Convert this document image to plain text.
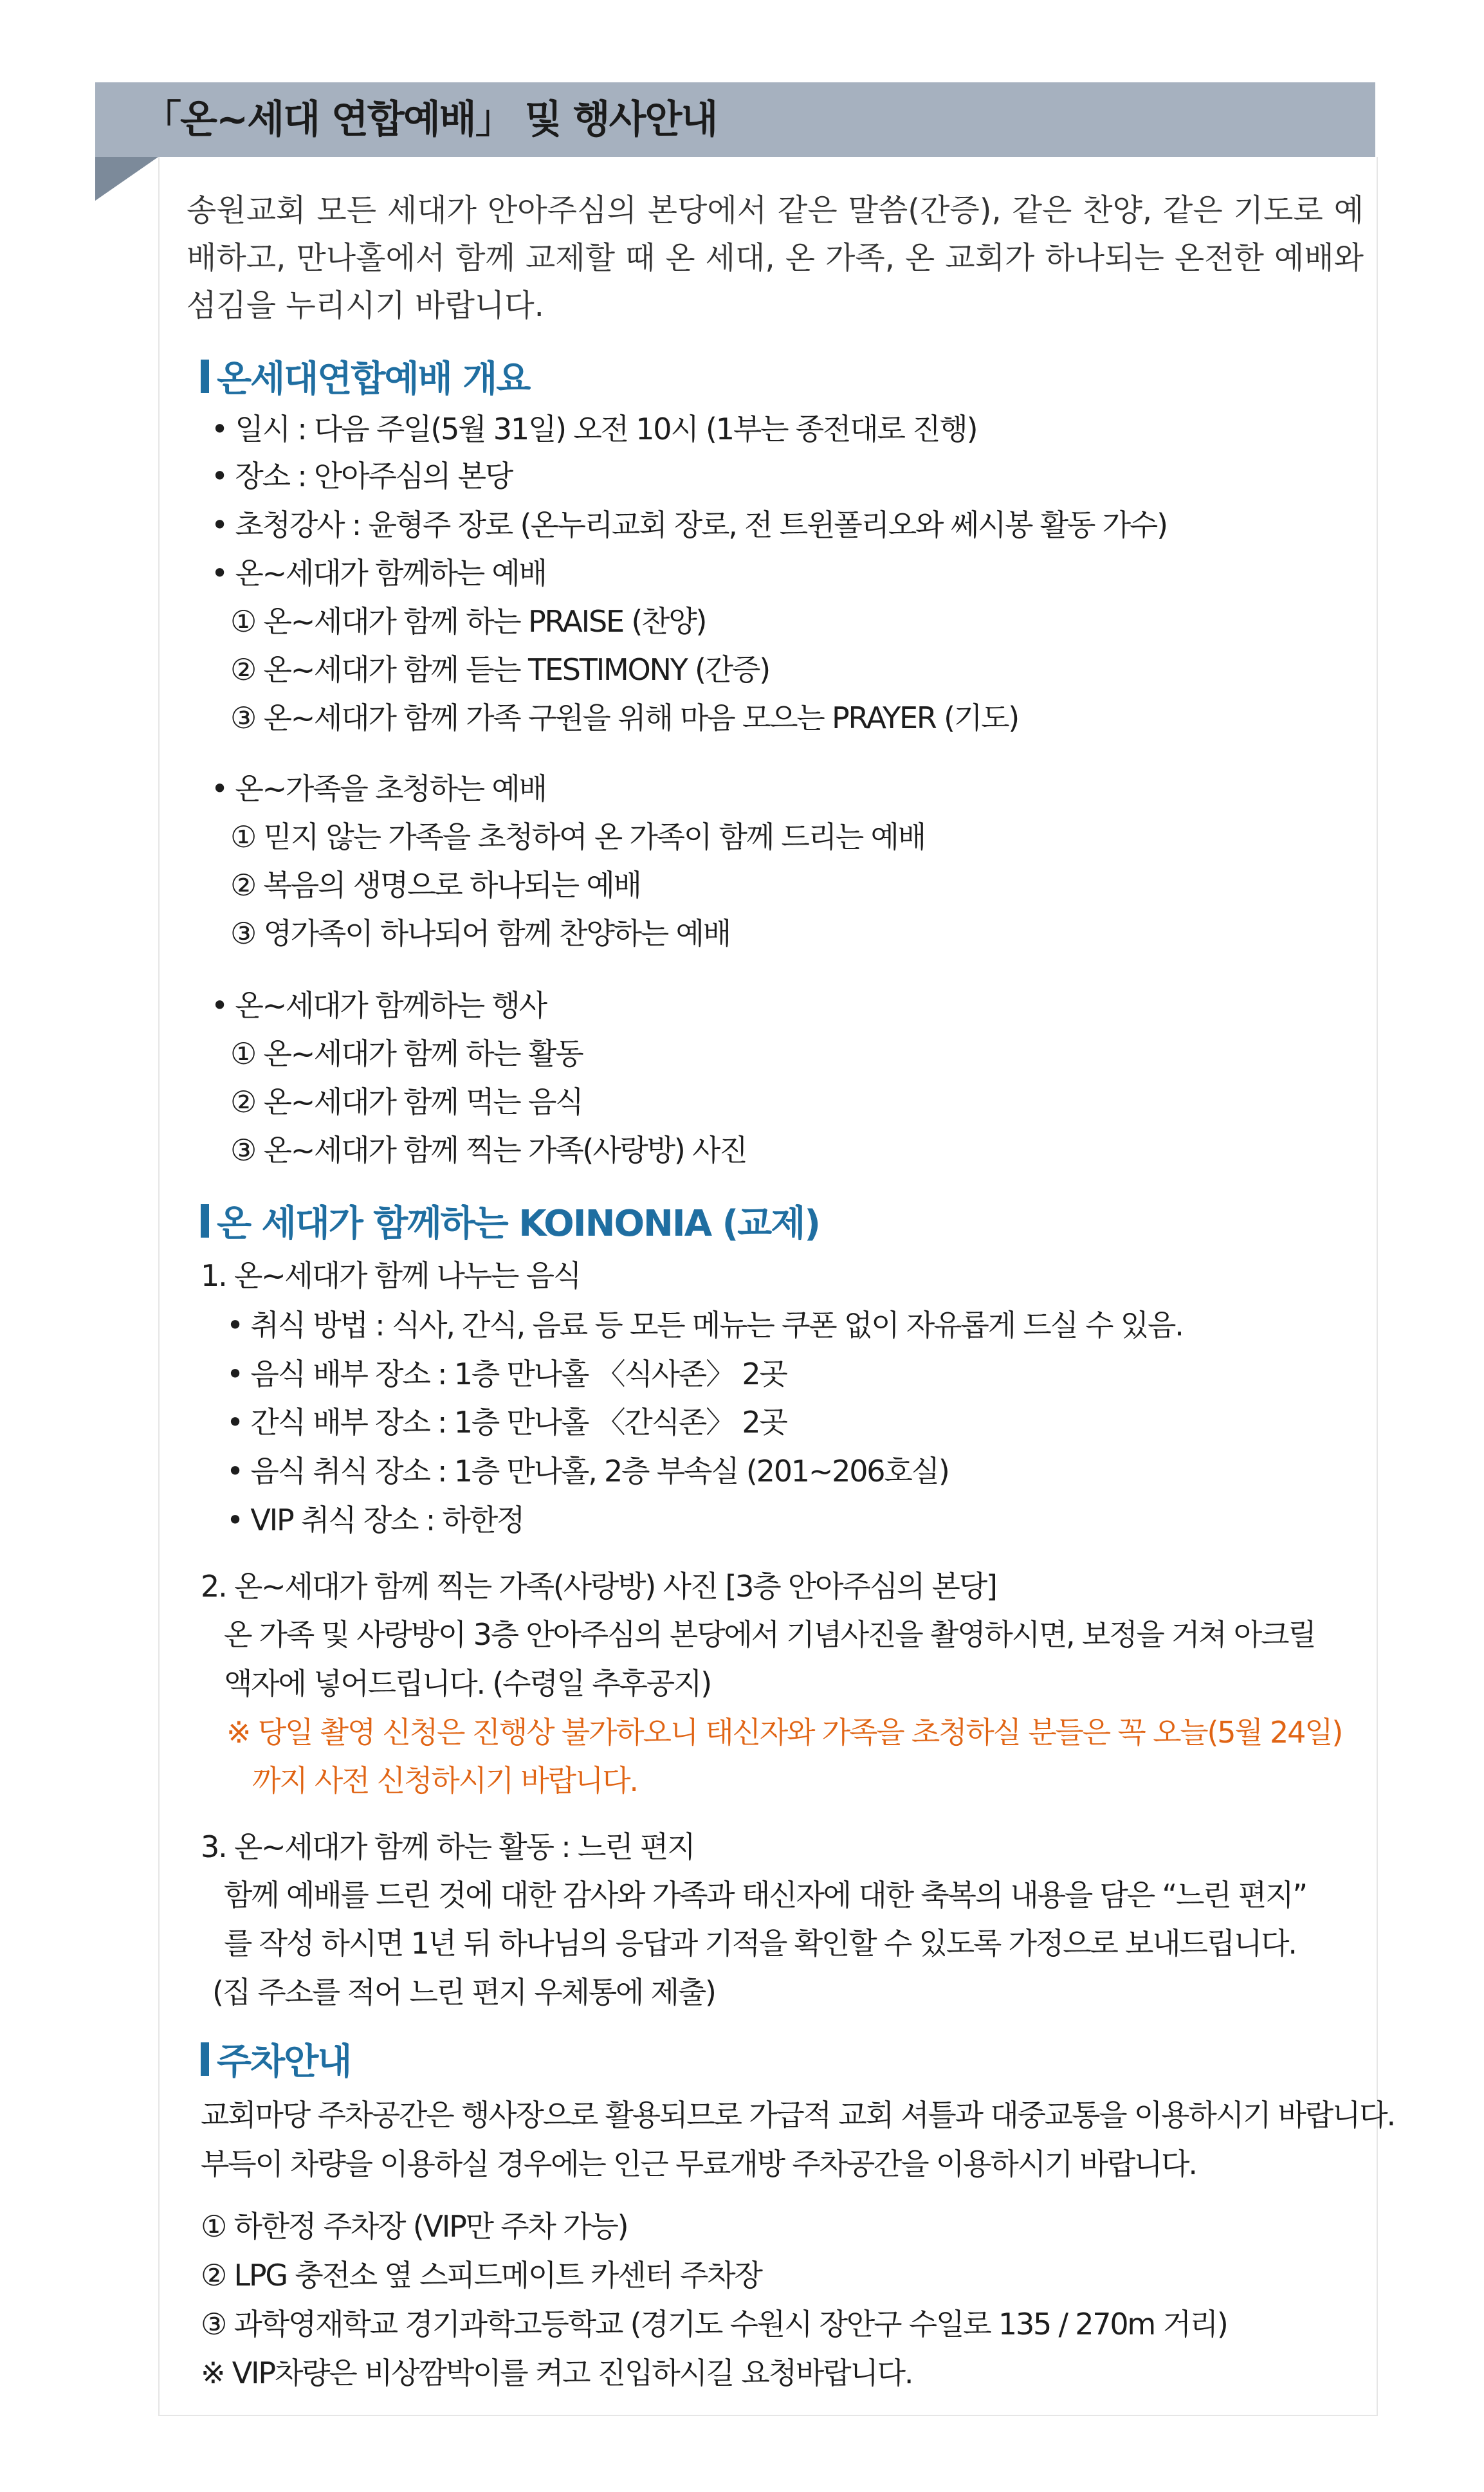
「온~세대 연합예배」 및 행사안내
송원교회 모든 세대가 안아주심의 본당에서 같은 말씀(간증), 같은 찬양, 같은 기도로 예배하고, 만나홀에서 함께 교제할 때 온 세대, 온 가족, 온 교회가 하나되는 온전한 예배와 섬김을 누리시기 바랍니다.
온세대연합예배 개요
• 일시 : 다음 주일(5월 31일) 오전 10시 (1부는 종전대로 진행)
• 장소 : 안아주심의 본당
• 초청강사 : 윤형주 장로 (온누리교회 장로, 전 트윈폴리오와 쎄시봉 활동 가수)
• 온~세대가 함께하는 예배
① 온~세대가 함께 하는 PRAISE (찬양)
② 온~세대가 함께 듣는 TESTIMONY (간증)
③ 온~세대가 함께 가족 구원을 위해 마음 모으는 PRAYER (기도)
• 온~가족을 초청하는 예배
① 믿지 않는 가족을 초청하여 온 가족이 함께 드리는 예배
② 복음의 생명으로 하나되는 예배
③ 영가족이 하나되어 함께 찬양하는 예배
• 온~세대가 함께하는 행사
① 온~세대가 함께 하는 활동
② 온~세대가 함께 먹는 음식
③ 온~세대가 함께 찍는 가족(사랑방) 사진
온 세대가 함께하는 KOINONIA (교제)
1. 온~세대가 함께 나누는 음식
• 취식 방법 : 식사, 간식, 음료 등 모든 메뉴는 쿠폰 없이 자유롭게 드실 수 있음.
• 음식 배부 장소 : 1층 만나홀 〈식사존〉 2곳
• 간식 배부 장소 : 1층 만나홀 〈간식존〉 2곳
• 음식 취식 장소 : 1층 만나홀, 2층 부속실 (201~206호실)
• VIP 취식 장소 : 하한정
2. 온~세대가 함께 찍는 가족(사랑방) 사진 [3층 안아주심의 본당]
온 가족 및 사랑방이 3층 안아주심의 본당에서 기념사진을 촬영하시면, 보정을 거쳐 아크릴
액자에 넣어드립니다. (수령일 추후공지)
※ 당일 촬영 신청은 진행상 불가하오니 태신자와 가족을 초청하실 분들은 꼭 오늘(5월 24일)
까지 사전 신청하시기 바랍니다.
3. 온~세대가 함께 하는 활동 : 느린 편지
함께 예배를 드린 것에 대한 감사와 가족과 태신자에 대한 축복의 내용을 담은 “느린 편지”
를 작성 하시면 1년 뒤 하나님의 응답과 기적을 확인할 수 있도록 가정으로 보내드립니다.
(집 주소를 적어 느린 편지 우체통에 제출)
주차안내
교회마당 주차공간은 행사장으로 활용되므로 가급적 교회 셔틀과 대중교통을 이용하시기 바랍니다.
부득이 차량을 이용하실 경우에는 인근 무료개방 주차공간을 이용하시기 바랍니다.
① 하한정 주차장 (VIP만 주차 가능)
② LPG 충전소 옆 스피드메이트 카센터 주차장
③ 과학영재학교 경기과학고등학교 (경기도 수원시 장안구 수일로 135 / 270m 거리)
※ VIP차량은 비상깜박이를 켜고 진입하시길 요청바랍니다.
